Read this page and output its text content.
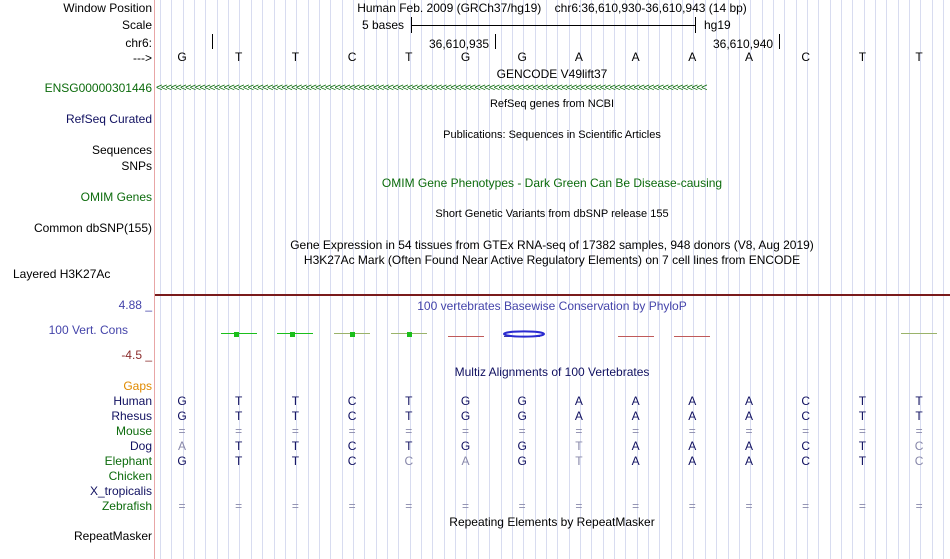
Window Position	Human Feb. 2009 (GRCh37/hg19) chr6:36,610,930-36,610,943 (14 bp)
Scale	5 bases	hg19
chr6:	36,610,935	36,610,940
--->	G	T	T	C	T	G	G	A	A	A	A	C	T	T
GENCODE V49lift37
ENSG00000301446 <<<<<<<<<<<<<<<<<<<<<<<<<<<<<<<<<<<<<<<<<<<<<<<<<<<<<<<<<<<<<<<<<<<<<<<<<<<<<<<<<<<<<<<<<<<<<<<<<<<<<<<<<<<<<<<<<<
RefSeq genes from NCBI
RefSeq Curated
Publications: Sequences in Scientific Articles
Sequences
SNPs
OMIM Gene Phenotypes - Dark Green Can Be Disease-causing
OMIM Genes
Short Genetic Variants from dbSNP release 155
Common dbSNP(155)
Gene Expression in 54 tissues from GTEx RNA-seq of 17382 samples, 948 donors (V8, Aug 2019)
H3K27Ac Mark (Often Found Near Active Regulatory Elements) on 7 cell lines from ENCODE
Layered H3K27Ac
100 vertebrates Basewise Conservation by PhyloP
4.88 _
100 Vert. Cons
-4.5 _
Multiz Alignments of 100 Vertebrates
Gaps
Human	G	T	T	C	T	G	G	A	A	A	A	C	T	T
Rhesus	G	T	T	C	T	G	G	A	A	A	A	C	T	T
Mouse	=	=	=	=	=	=	=	=	=	=	=	=	=	=
Dog	A	T	T	C	T	G	G	T	A	A	A	C	T	C
Elephant	G	T	T	C	C	A	G	T	A	A	A	C	T	C
Chicken
X_tropicalis
Zebrafish	=	=	=	=	=	=	=	=	=	=	=	=	=	=
Repeating Elements by RepeatMasker
RepeatMasker
